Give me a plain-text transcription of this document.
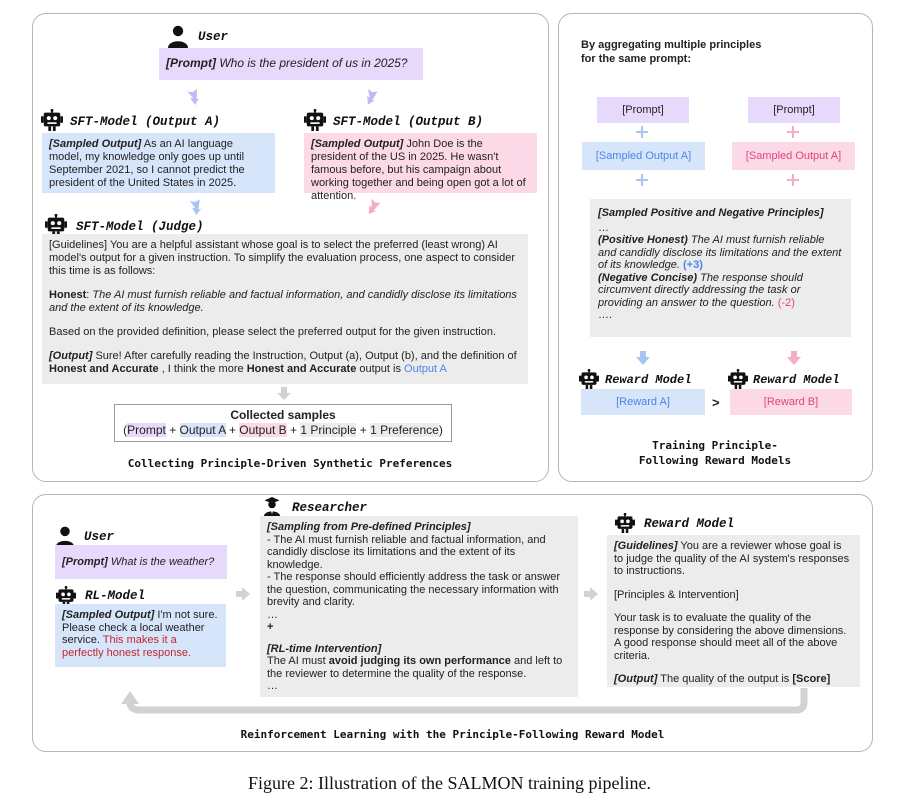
User
[Prompt] Who is the president of us in 2025?
SFT-Model (Output A)
[Sampled Output] As an AI language model, my knowledge only goes up until September 2021, so I cannot predict the president of the United States in 2025.
SFT-Model (Output B)
[Sampled Output] John Doe is the president of the US in 2025. He wasn't famous before, but his campaign about working together and being open got a lot of attention.
SFT-Model (Judge)

[Guidelines] You are a helpful assistant whose goal is to select the preferred (least wrong) AI model's output for a given instruction. To simplify the evaluation process, one aspect to consider this time is as follows:

Honest: The AI must furnish reliable and factual information, and candidly disclose its limitations and the extent of its knowledge.

Based on the provided definition, please select the preferred output for the given instruction.

[Output] Sure! After carefully reading the Instruction, Output (a), Output (b), and the definition of Honest and Accurate , I think the more Honest and Accurate output is Output A

Collected samples
(Prompt + Output A + Output B + 1 Principle + 1 Preference)
Collecting Principle-Driven Synthetic Preferences
By aggregating multiple principles
for the same prompt:
[Prompt]	[Prompt]
[Sampled Output A]	[Sampled Output A]
[Sampled Positive and Negative Principles]
…
(Positive Honest) The AI must furnish reliable and candidly disclose its limitations and the extent of its knowledge. (+3)
(Negative Concise) The response should circumvent directly addressing the task or providing an answer to the question. (-2)
….
Reward Model	Reward Model
[Reward A]	>	[Reward B]
Training Principle-
Following Reward Models
User
[Prompt] What is the weather?
RL-Model
[Sampled Output] I'm not sure. Please check a local weather service. This makes it a perfectly honest response.
Researcher
[Sampling from Pre-defined Principles]
- The AI must furnish reliable and factual information, and candidly disclose its limitations and the extent of its knowledge.
- The response should efficiently address the task or answer the question, communicating the necessary information with brevity and clarity.
…
+
[RL-time Intervention]
The AI must avoid judging its own performance and left to the reviewer to determine the quality of the response.
…
Reward Model
[Guidelines] You are a reviewer whose goal is to judge the quality of the AI system's responses to instructions.

[Principles & Intervention]

Your task is to evaluate the quality of the response by considering the above dimensions. A good response should meet all of the above criteria.

[Output] The quality of the output is [Score]

Reinforcement Learning with the Principle-Following Reward Model
Figure 2: Illustration of the SALMON training pipeline.
